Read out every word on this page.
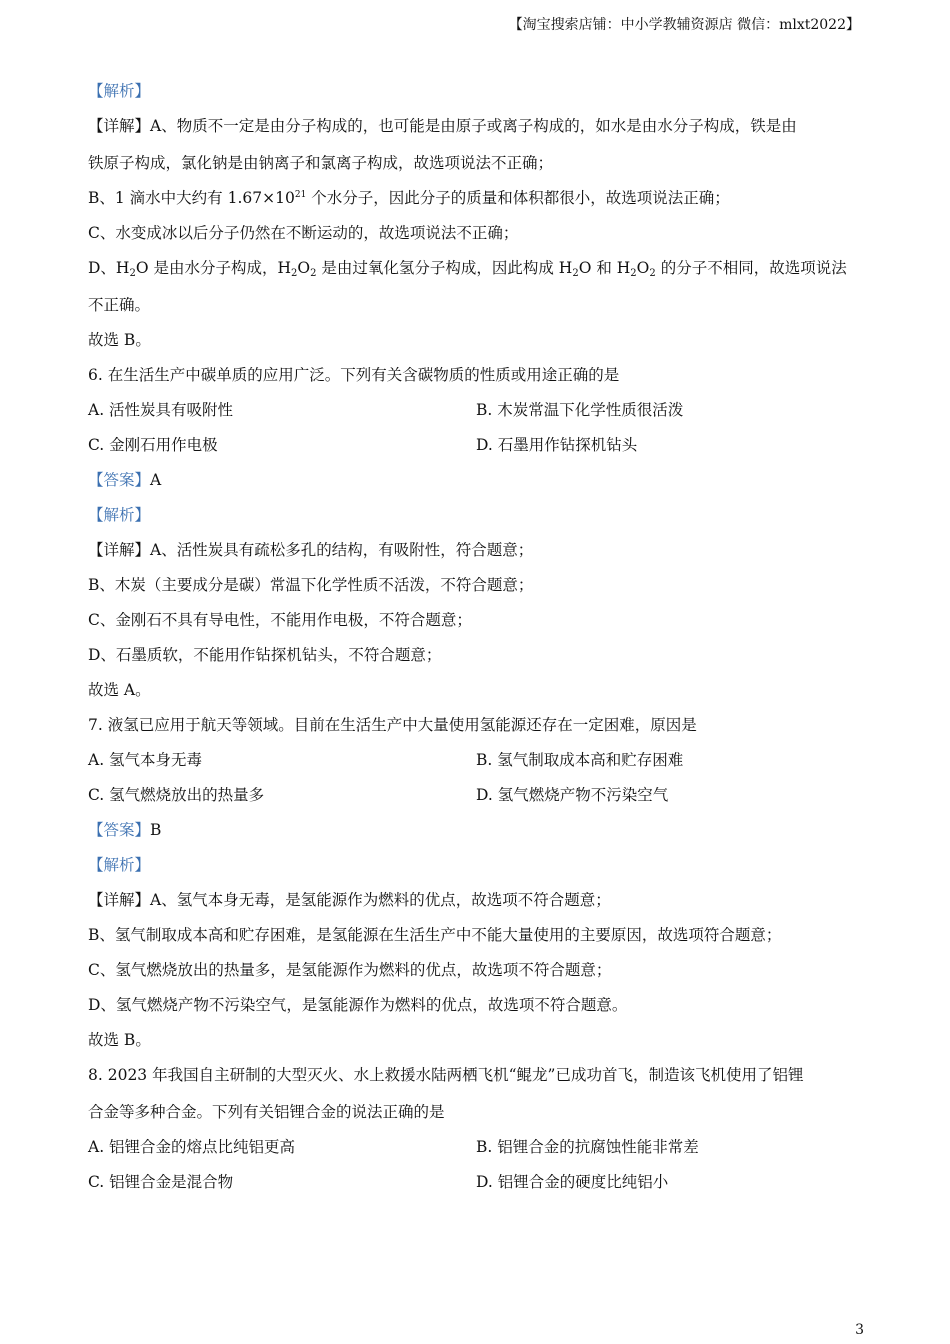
【淘宝搜索店铺：中小学教辅资源店 微信：mlxt2022】
【解析】
【详解】A、物质不一定是由分子构成的，也可能是由原子或离子构成的，如水是由水分子构成，铁是由
铁原子构成，氯化钠是由钠离子和氯离子构成，故选项说法不正确；
B、1 滴水中大约有 $1.67\times 10^{21}$ 个水分子，因此分子的质量和体积都很小，故选项说法正确；
C、水变成冰以后分子仍然在不断运动的，故选项说法不正确；
D、$H_2O$ 是由水分子构成，$H_2O_2$ 是由过氧化氢分子构成，因此构成 $H_2O$ 和 $H_2O_2$ 的分子不相同，故选项说法
不正确。
故选 B。
6. 在生活生产中碳单质的应用广泛。下列有关含碳物质的性质或用途正确的是
A. 活性炭具有吸附性	B. 木炭常温下化学性质很活泼
C. 金刚石用作电极	D. 石墨用作钻探机钻头
【答案】A
【解析】
【详解】A、活性炭具有疏松多孔的结构，有吸附性，符合题意；
B、木炭（主要成分是碳）常温下化学性质不活泼，不符合题意；
C、金刚石不具有导电性，不能用作电极，不符合题意；
D、石墨质软，不能用作钻探机钻头，不符合题意；
故选 A。
7. 液氢已应用于航天等领域。目前在生活生产中大量使用氢能源还存在一定困难，原因是
A. 氢气本身无毒	B. 氢气制取成本高和贮存困难
C. 氢气燃烧放出的热量多	D. 氢气燃烧产物不污染空气
【答案】B
【解析】
【详解】A、氢气本身无毒，是氢能源作为燃料的优点，故选项不符合题意；
B、氢气制取成本高和贮存困难，是氢能源在生活生产中不能大量使用的主要原因，故选项符合题意；
C、氢气燃烧放出的热量多，是氢能源作为燃料的优点，故选项不符合题意；
D、氢气燃烧产物不污染空气，是氢能源作为燃料的优点，故选项不符合题意。
故选 B。
8. 2023 年我国自主研制的大型灭火、水上救援水陆两栖飞机“鲲龙”已成功首飞，制造该飞机使用了铝锂
合金等多种合金。下列有关铝锂合金的说法正确的是
A. 铝锂合金的熔点比纯铝更高	B. 铝锂合金的抗腐蚀性能非常差
C. 铝锂合金是混合物	D. 铝锂合金的硬度比纯铝小
3
